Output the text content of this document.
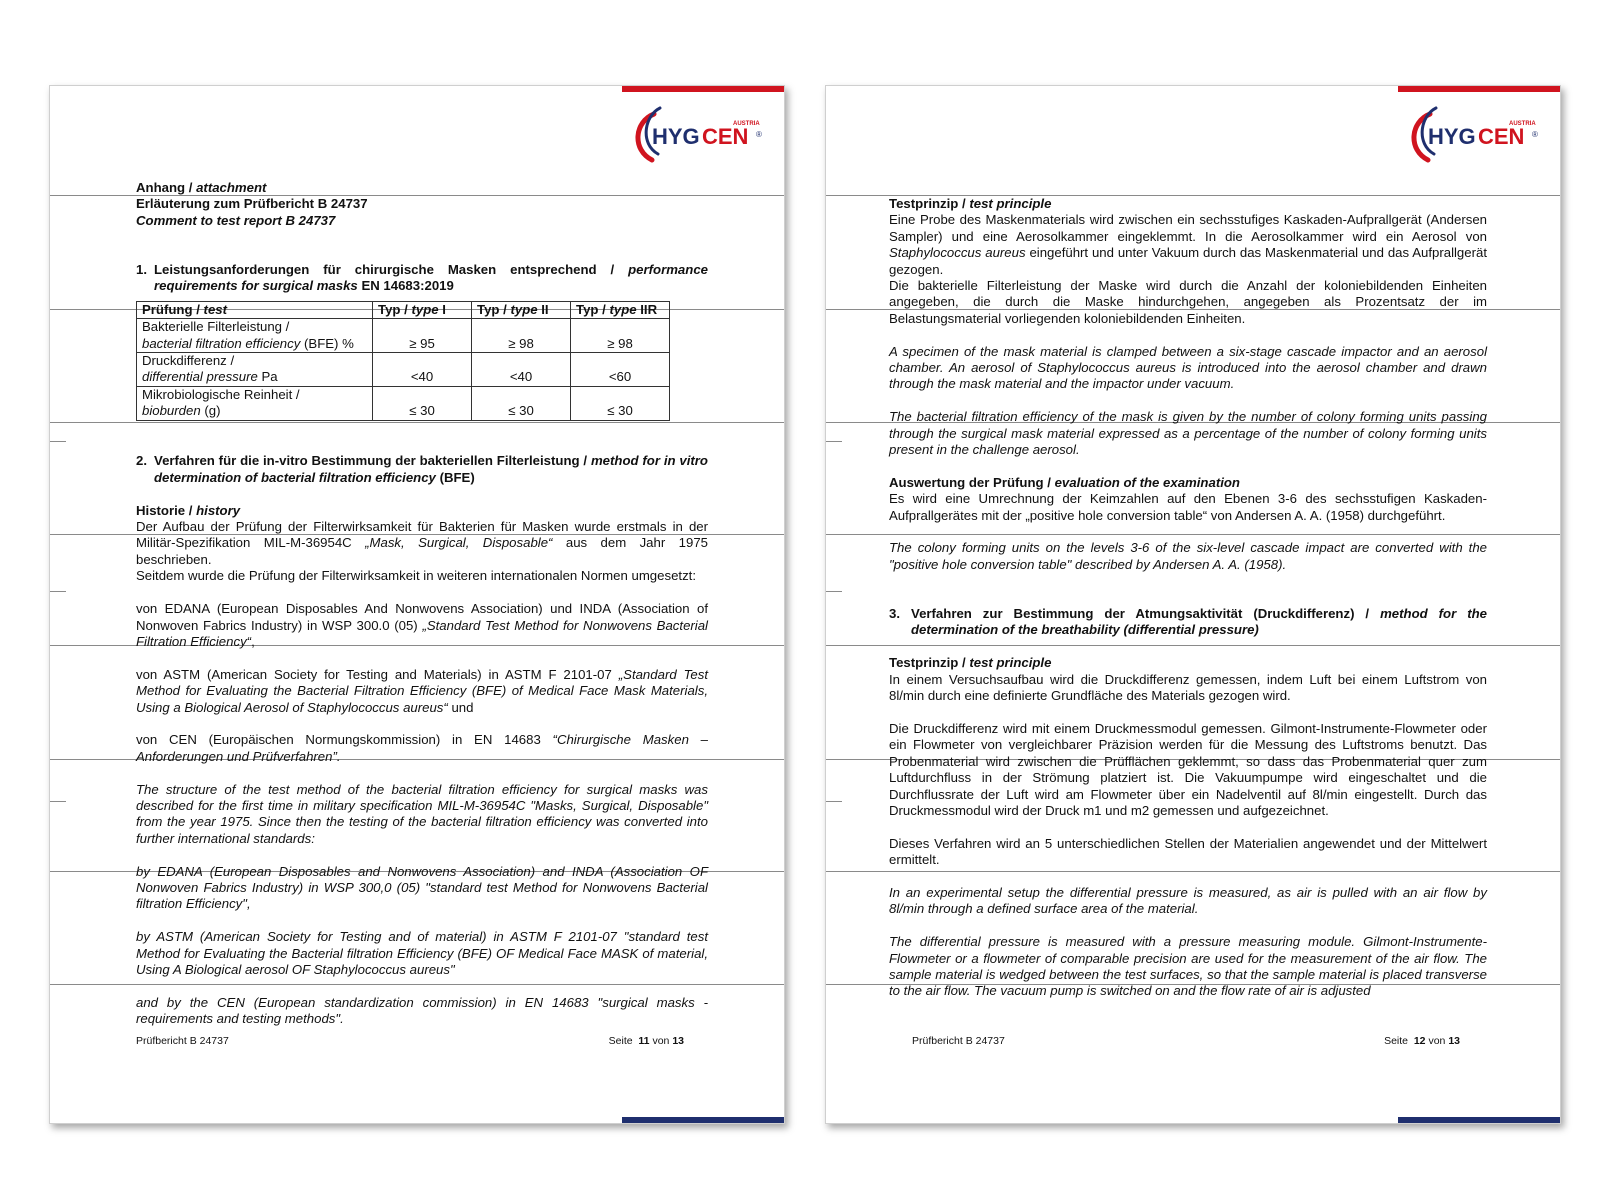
HYG CEN
AUSTRIA
®

Anhang / attachment

Erläuterung zum Prüfbericht B 24737

Comment to test report B 24737

1. Leistungsanforderungen für chirurgische Masken entsprechend / performance requirements for surgical masks EN 14683:2019

Prüfung / test	Typ / type I	Typ / type II	Typ / type IIR
Bakterielle Filterleistung /
bacterial filtration efficiency (BFE) %	≥ 95	≥ 98	≥ 98
Druckdifferenz /
differential pressure Pa	<40	<40	<60
Mikrobiologische Reinheit /
bioburden (g)	≤ 30	≤ 30	≤ 30
2. Verfahren für die in-vitro Bestimmung der bakteriellen Filterleistung / method for in vitro determination of bacterial filtration efficiency (BFE)

Historie / history

Der Aufbau der Prüfung der Filterwirksamkeit für Bakterien für Masken wurde erstmals in der Militär-Spezifikation MIL-M-36954C „Mask, Surgical, Disposable“ aus dem Jahr 1975 beschrieben.

Seitdem wurde die Prüfung der Filterwirksamkeit in weiteren internationalen Normen umgesetzt:

von EDANA (European Disposables And Nonwovens Association) und INDA (Association of Nonwoven Fabrics Industry) in WSP 300.0 (05) „Standard Test Method for Nonwovens Bacterial Filtration Efficiency“,

von ASTM (American Society for Testing and Materials) in ASTM F 2101-07 „Standard Test Method for Evaluating the Bacterial Filtration Efficiency (BFE) of Medical Face Mask Materials, Using a Biological Aerosol of Staphylococcus aureus“ und

von CEN (Europäischen Normungskommission) in EN 14683 “Chirurgische Masken – Anforderungen und Prüfverfahren”.

The structure of the test method of the bacterial filtration efficiency for surgical masks was described for the first time in military specification MIL-M-36954C "Masks, Surgical, Disposable" from the year 1975. Since then the testing of the bacterial filtration efficiency was converted into further international standards:

by EDANA (European Disposables and Nonwovens Association) and INDA (Association OF Nonwoven Fabrics Industry) in WSP 300,0 (05) "standard test Method for Nonwovens Bacterial filtration Efficiency",

by ASTM (American Society for Testing and of material) in ASTM F 2101-07 "standard test Method for Evaluating the Bacterial filtration Efficiency (BFE) OF Medical Face MASK of material, Using A Biological aerosol OF Staphylococcus aureus"

and by the CEN (European standardization commission) in EN 14683 "surgical masks - requirements and testing methods".

Prüfbericht B 24737	Seite 11 von 13
HYG CEN
AUSTRIA
®

Testprinzip / test principle

Eine Probe des Maskenmaterials wird zwischen ein sechsstufiges Kaskaden-Aufprallgerät (Andersen Sampler) und eine Aerosolkammer eingeklemmt. In die Aerosolkammer wird ein Aerosol von Staphylococcus aureus eingeführt und unter Vakuum durch das Maskenmaterial und das Aufprallgerät gezogen.

Die bakterielle Filterleistung der Maske wird durch die Anzahl der koloniebildenden Einheiten angegeben, die durch die Maske hindurchgehen, angegeben als Prozentsatz der im Belastungsmaterial vorliegenden koloniebildenden Einheiten.

A specimen of the mask material is clamped between a six-stage cascade impactor and an aerosol chamber. An aerosol of Staphylococcus aureus is introduced into the aerosol chamber and drawn through the mask material and the impactor under vacuum.

The bacterial filtration efficiency of the mask is given by the number of colony forming units passing through the surgical mask material expressed as a percentage of the number of colony forming units present in the challenge aerosol.

Auswertung der Prüfung / evaluation of the examination

Es wird eine Umrechnung der Keimzahlen auf den Ebenen 3-6 des sechsstufigen Kaskaden-Aufprallgerätes mit der „positive hole conversion table“ von Andersen A. A. (1958) durchgeführt.

The colony forming units on the levels 3-6 of the six-level cascade impact are converted with the "positive hole conversion table" described by Andersen A. A. (1958).

3. Verfahren zur Bestimmung der Atmungsaktivität (Druckdifferenz) / method for the determination of the breathability (differential pressure)

Testprinzip / test principle

In einem Versuchsaufbau wird die Druckdifferenz gemessen, indem Luft bei einem Luftstrom von 8l/min durch eine definierte Grundfläche des Materials gezogen wird.

Die Druckdifferenz wird mit einem Druckmessmodul gemessen. Gilmont-Instrumente-Flowmeter oder ein Flowmeter von vergleichbarer Präzision werden für die Messung des Luftstroms benutzt. Das Probenmaterial wird zwischen die Prüfflächen geklemmt, so dass das Probenmaterial quer zum Luftdurchfluss in der Strömung platziert ist. Die Vakuumpumpe wird eingeschaltet und die Durchflussrate der Luft wird am Flowmeter über ein Nadelventil auf 8l/min eingestellt. Durch das Druckmessmodul wird der Druck m1 und m2 gemessen und aufgezeichnet.

Dieses Verfahren wird an 5 unterschiedlichen Stellen der Materialien angewendet und der Mittelwert ermittelt.

In an experimental setup the differential pressure is measured, as air is pulled with an air flow by 8l/min through a defined surface area of the material.

The differential pressure is measured with a pressure measuring module. Gilmont-Instrumente-Flowmeter or a flowmeter of comparable precision are used for the measurement of the air flow. The sample material is wedged between the test surfaces, so that the sample material is placed transverse to the air flow. The vacuum pump is switched on and the flow rate of air is adjusted

Prüfbericht B 24737	Seite 12 von 13
